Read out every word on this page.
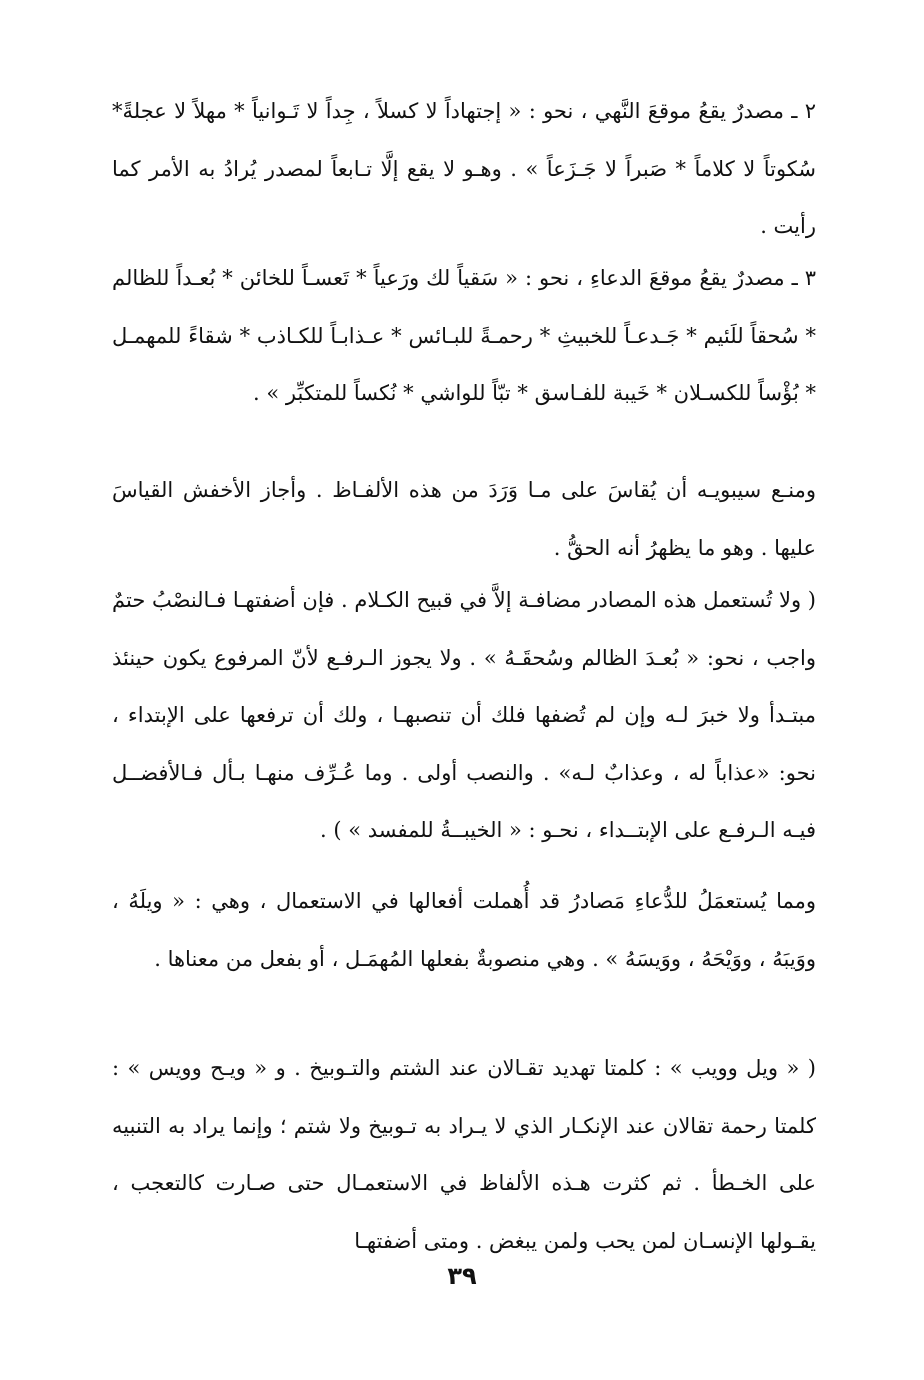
٢ ـ مصدرٌ يقعُ موقعَ النَّهي ، نحو : « إجتهاداً لا كسلاً ، جِداً لا تَـوانياً * مهلاً لا عجلةً* سُكوتاً لا كلاماً * صَبراً لا جَـزَعاً » . وهـو لا يقع إلَّا تـابعاً لمصدر يُرادُ به الأمر كما رأيت .

٣ ـ مصدرٌ يقعُ موقعَ الدعاءِ ، نحو : « سَقياً لك ورَعياً * تَعسـاً للخائن * بُعـداً للظالم * سُحقاً للَئيم * جَـدعـاً للخبيثِ * رحمـةً للبـائس * عـذابـاً للكـاذب * شقاءً للمهمـل * بُؤْساً للكسـلان * خَيبة للفـاسق * تبّاً للواشي * نُكساً للمتكبِّر » .

ومنـع سيبويـه أن يُقاسَ على مـا وَرَدَ من هذه الألفـاظ . وأجاز الأخفش القياسَ عليها . وهو ما يظهرُ أنه الحقُّ .

( ولا تُستعمل هذه المصادر مضافـة إلاَّ في قبيح الكـلام . فإن أضفتهـا فـالنصْبُ حتمٌ واجب ، نحو: « بُعـدَ الظالم وسُحقَـهُ » . ولا يجوز الـرفـع لأنّ المرفوع يكون حينئذ مبتـدأ ولا خبرَ لـه وإن لم تُضفها فلك أن تنصبهـا ، ولك أن ترفعها على الإبتداء ، نحو: «عذاباً له ، وعذابٌ لـه» . والنصب أولى . وما عُـرِّف منهـا بـأل فـالأفضــل فيـه الـرفـع على الإبتــداء ، نحـو : « الخيبــةُ للمفسد » ) .

ومما يُستعمَلُ للدُّعاءِ مَصادرُ قد أُهملت أفعالها في الاستعمال ، وهي : « ويلَهُ ، ووَيبَهُ ، ووَيْحَهُ ، ووَيسَهُ » . وهي منصوبةٌ بفعلها المُهمَـل ، أو بفعل من معناها .

( « ويل وويب » : كلمتا تهديد تقـالان عند الشتم والتـوبيخ . و « ويـح وويس » : كلمتا رحمة تقالان عند الإنكـار الذي لا يـراد به تـوبيخ ولا شتم ؛ وإنما يراد به التنبيه على الخـطأ . ثم كثرت هـذه الألفاظ في الاستعمـال حتى صـارت كالتعجب ، يقـولها الإنسـان لمن يحب ولمن يبغض . ومتى أضفتهـا

٣٩
